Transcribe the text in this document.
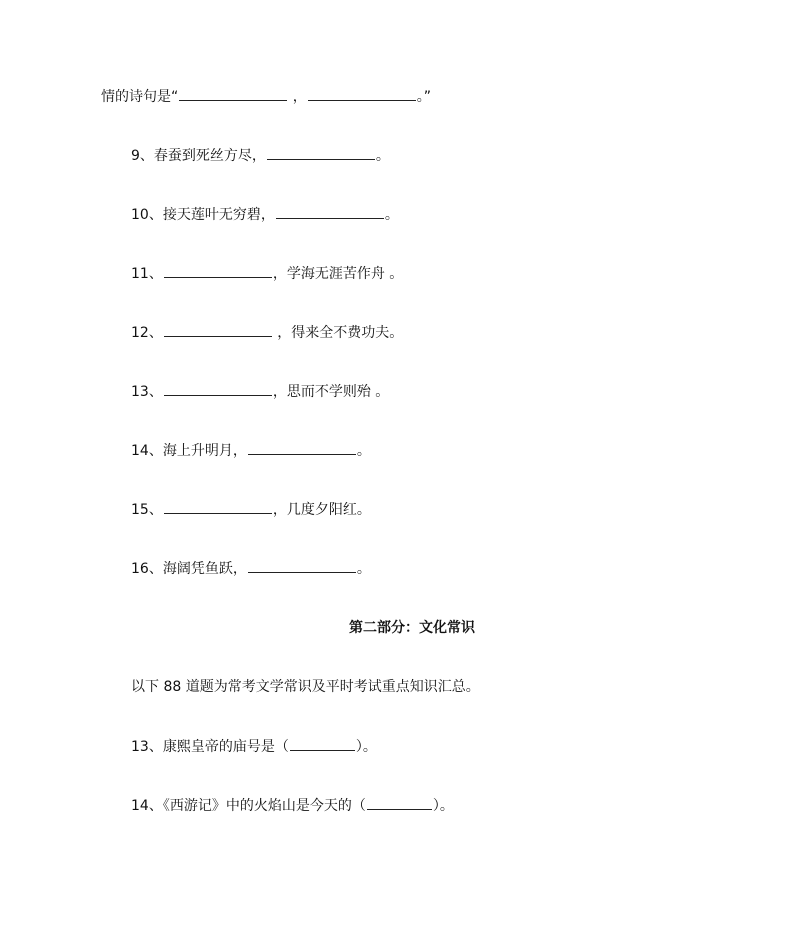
情的诗句是“	，	。”
9、春蚕到死丝方尽，	。
10、接天莲叶无穷碧，	。
11、	，学海无涯苦作舟 。
12、	，得来全不费功夫。
13、	，思而不学则殆 。
14、海上升明月，	。
15、	，几度夕阳红。
16、海阔凭鱼跃，	。
第二部分：文化常识
以下 88 道题为常考文学常识及平时考试重点知识汇总。
13、康熙皇帝的庙号是（	）。
14、《西游记》中的火焰山是今天的（	）。
